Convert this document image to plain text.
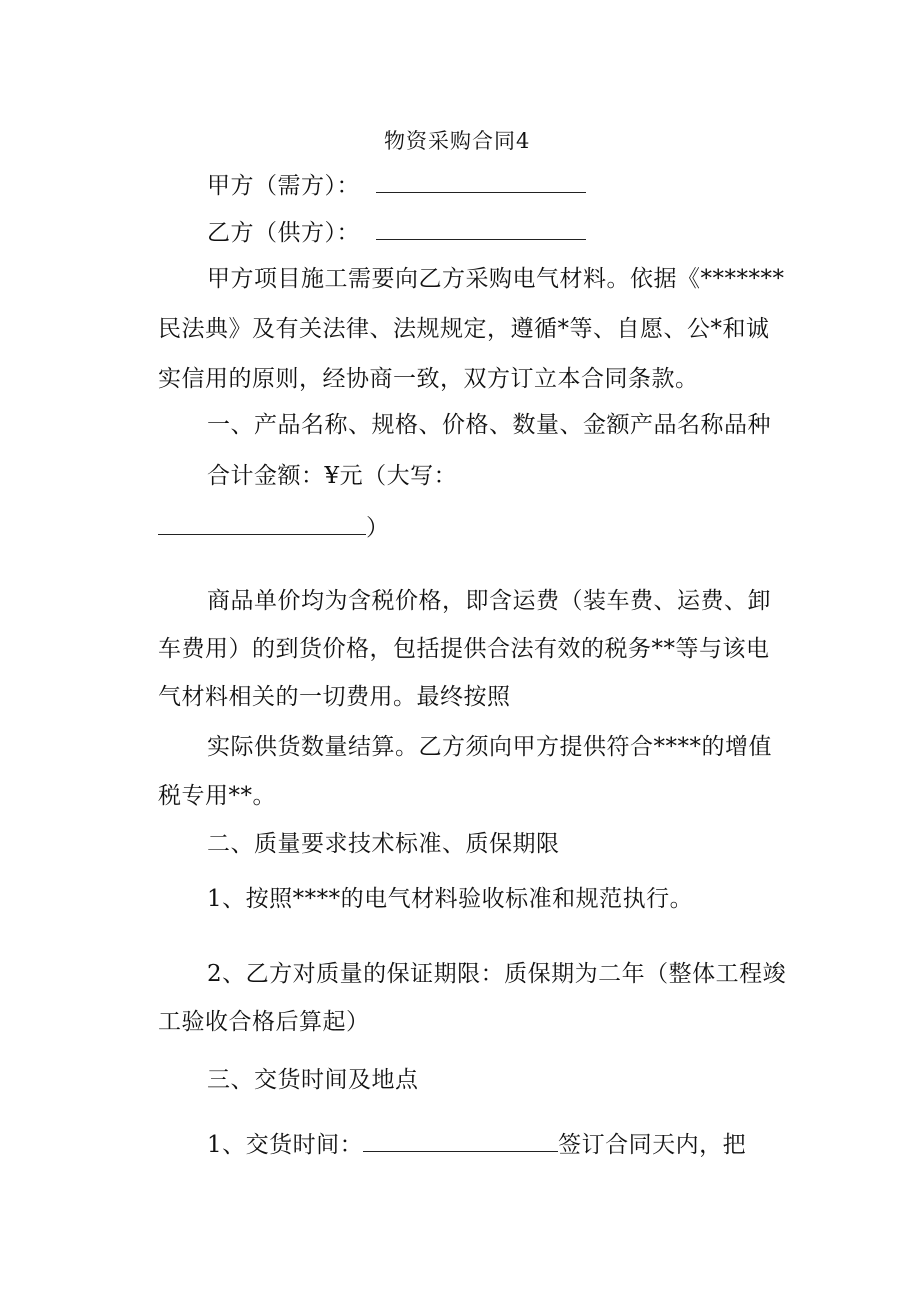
物资采购合同4
甲方（需方）：
乙方（供方）：
甲方项目施工需要向乙方采购电气材料。依据《*******
民法典》及有关法律、法规规定，遵循*等、自愿、公*和诚
实信用的原则，经协商一致，双方订立本合同条款。
一、产品名称、规格、价格、数量、金额产品名称品种
合计金额：¥元（大写：
）
商品单价均为含税价格，即含运费（装车费、运费、卸
车费用）的到货价格，包括提供合法有效的税务**等与该电
气材料相关的一切费用。最终按照
实际供货数量结算。乙方须向甲方提供符合****的增值
税专用**。
二、质量要求技术标准、质保期限
1、按照****的电气材料验收标准和规范执行。
2、乙方对质量的保证期限：质保期为二年（整体工程竣
工验收合格后算起）
三、交货时间及地点
1、交货时间：	签订合同天内，把
